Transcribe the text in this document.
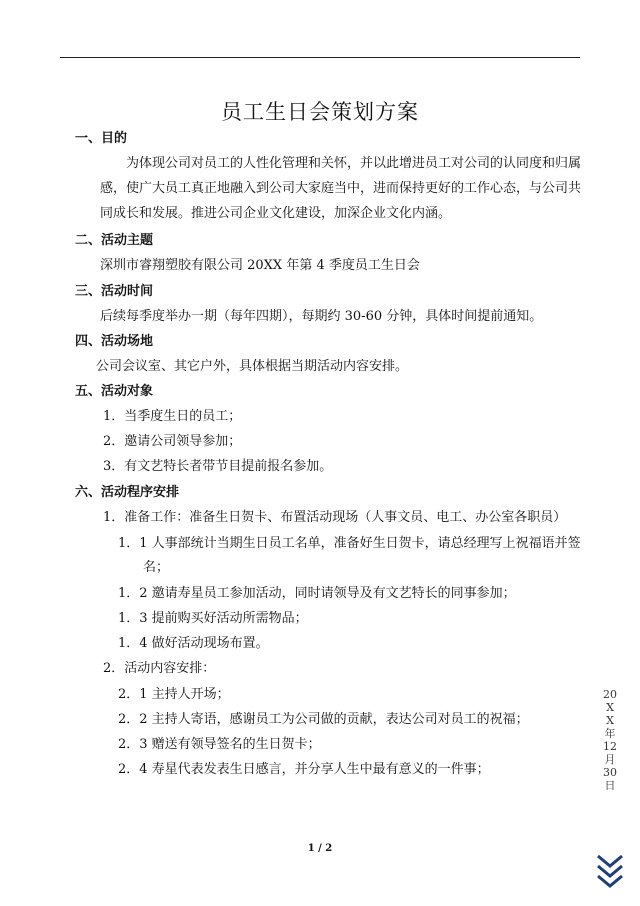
员工生日会策划方案
一、目的
为体现公司对员工的人性化管理和关怀，并以此增进员工对公司的认同度和归属
感，使广大员工真正地融入到公司大家庭当中，进而保持更好的工作心态，与公司共
同成长和发展。推进公司企业文化建设，加深企业文化内涵。
二、活动主题
深圳市睿翔塑胶有限公司 20XX 年第 4 季度员工生日会
三、活动时间
后续每季度举办一期（每年四期），每期约 30-60 分钟，具体时间提前通知。
四、活动场地
公司会议室、其它户外，具体根据当期活动内容安排。
五、活动对象
1．当季度生日的员工；
2．邀请公司领导参加；
3．有文艺特长者带节目提前报名参加。
六、活动程序安排
1．准备工作：准备生日贺卡、布置活动现场（人事文员、电工、办公室各职员）
1．1 人事部统计当期生日员工名单，准备好生日贺卡，请总经理写上祝福语并签
名；
1．2 邀请寿星员工参加活动，同时请领导及有文艺特长的同事参加；
1．3 提前购买好活动所需物品；
1．4 做好活动现场布置。
2．活动内容安排：
2．1 主持人开场；
2．2 主持人寄语，感谢员工为公司做的贡献，表达公司对员工的祝福；
2．3 赠送有领导签名的生日贺卡；
2．4 寿星代表发表生日感言，并分享人生中最有意义的一件事；
20XX 年 12 月 30 日
1 / 2
